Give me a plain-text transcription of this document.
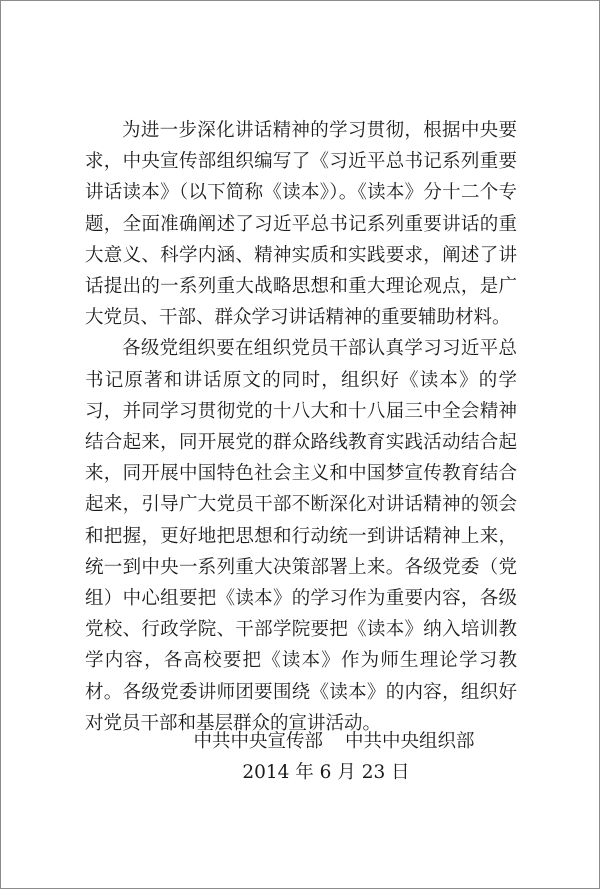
为进一步深化讲话精神的学习贯彻，根据中央要求，中央宣传部组织编写了《习近平总书记系列重要讲话读本》（以下简称《读本》）。《读本》分十二个专题，全面准确阐述了习近平总书记系列重要讲话的重大意义、科学内涵、精神实质和实践要求，阐述了讲话提出的一系列重大战略思想和重大理论观点，是广大党员、干部、群众学习讲话精神的重要辅助材料。

各级党组织要在组织党员干部认真学习习近平总书记原著和讲话原文的同时，组织好《读本》的学习，并同学习贯彻党的十八大和十八届三中全会精神结合起来，同开展党的群众路线教育实践活动结合起来，同开展中国特色社会主义和中国梦宣传教育结合起来，引导广大党员干部不断深化对讲话精神的领会和把握，更好地把思想和行动统一到讲话精神上来，统一到中央一系列重大决策部署上来。各级党委（党组）中心组要把《读本》的学习作为重要内容，各级党校、行政学院、干部学院要把《读本》纳入培训教学内容，各高校要把《读本》作为师生理论学习教材。各级党委讲师团要围绕《读本》的内容，组织好对党员干部和基层群众的宣讲活动。

中共中央宣传部 中共中央组织部
2014 年 6 月 23 日
